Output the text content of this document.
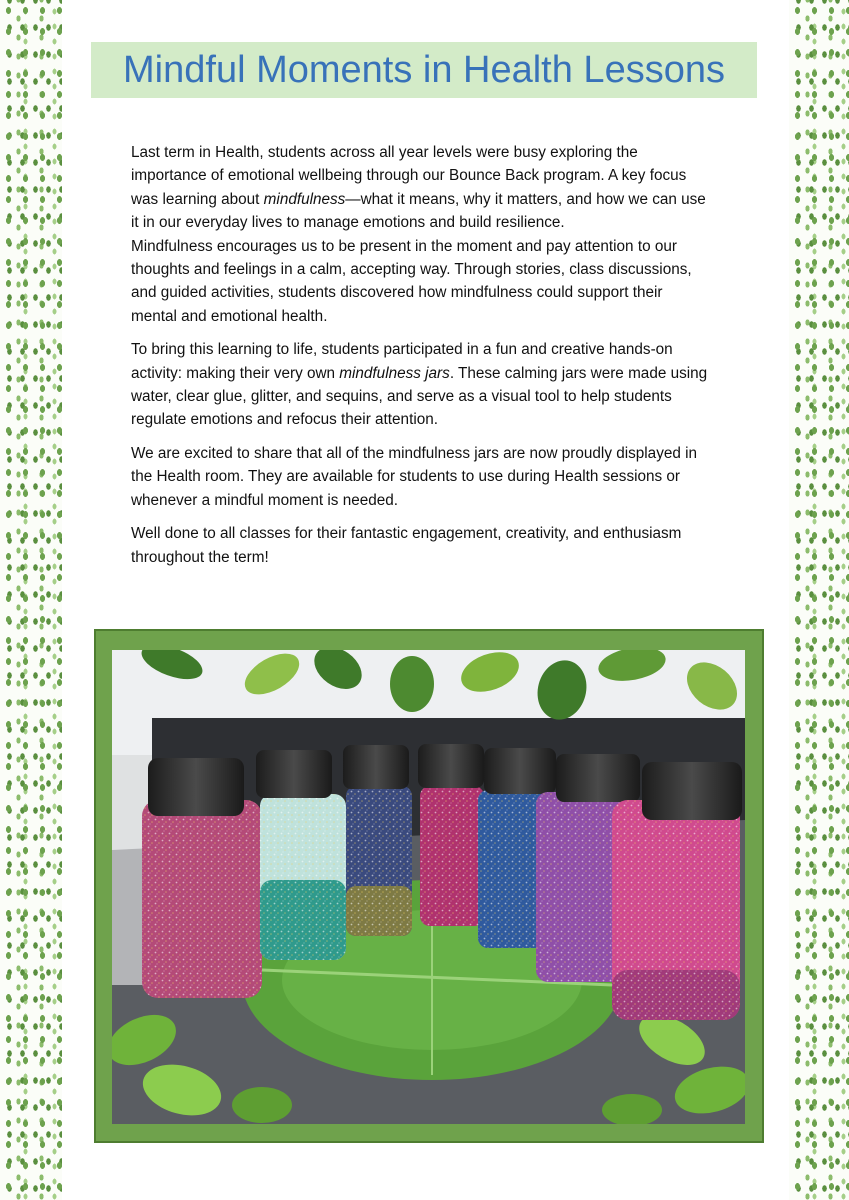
Mindful Moments in Health Lessons

Last term in Health, students across all year levels were busy exploring the importance of emotional wellbeing through our Bounce Back program. A key focus was learning about mindfulness—what it means, why it matters, and how we can use it in our everyday lives to manage emotions and build resilience.

Mindfulness encourages us to be present in the moment and pay attention to our thoughts and feelings in a calm, accepting way. Through stories, class discussions, and guided activities, students discovered how mindfulness could support their mental and emotional health.

To bring this learning to life, students participated in a fun and creative hands-on activity: making their very own mindfulness jars. These calming jars were made using water, clear glue, glitter, and sequins, and serve as a visual tool to help students regulate emotions and refocus their attention.

We are excited to share that all of the mindfulness jars are now proudly displayed in the Health room. They are available for students to use during Health sessions or whenever a mindful moment is needed.

Well done to all classes for their fantastic engagement, creativity, and enthusiasm throughout the term!
